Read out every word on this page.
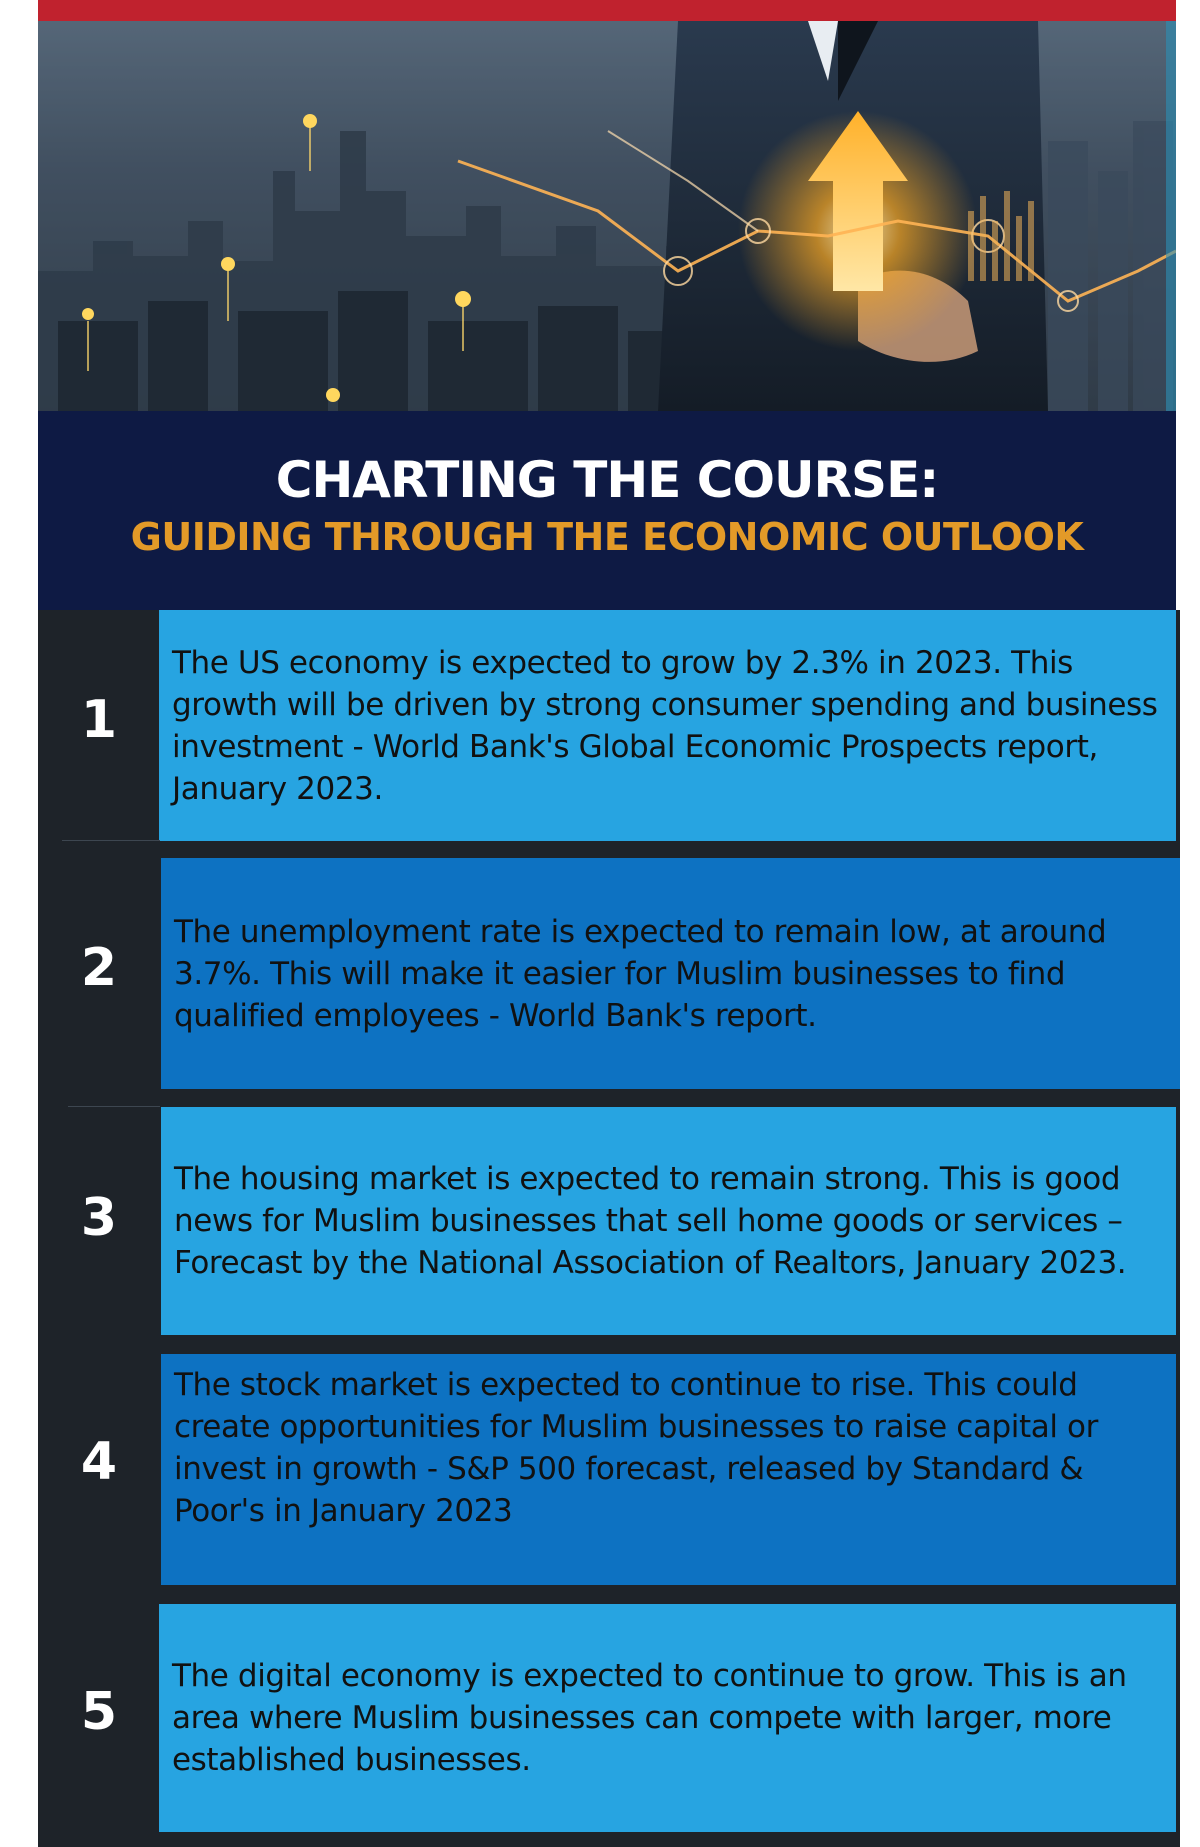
CHARTING THE COURSE:
GUIDING THROUGH THE ECONOMIC OUTLOOK
1
The US economy is expected to grow by 2.3% in 2023. This growth will be driven by strong consumer spending and business investment - World Bank's Global Economic Prospects report, January 2023.
2
The unemployment rate is expected to remain low, at around 3.7%. This will make it easier for Muslim businesses to find qualified employees - World Bank's report.
3
The housing market is expected to remain strong. This is good news for Muslim businesses that sell home goods or services – Forecast by the National Association of Realtors, January 2023.
4
The stock market is expected to continue to rise. This could create opportunities for Muslim businesses to raise capital or invest in growth - S&P 500 forecast, released by Standard & Poor's in January 2023
5
The digital economy is expected to continue to grow. This is an area where Muslim businesses can compete with larger, more established businesses.
